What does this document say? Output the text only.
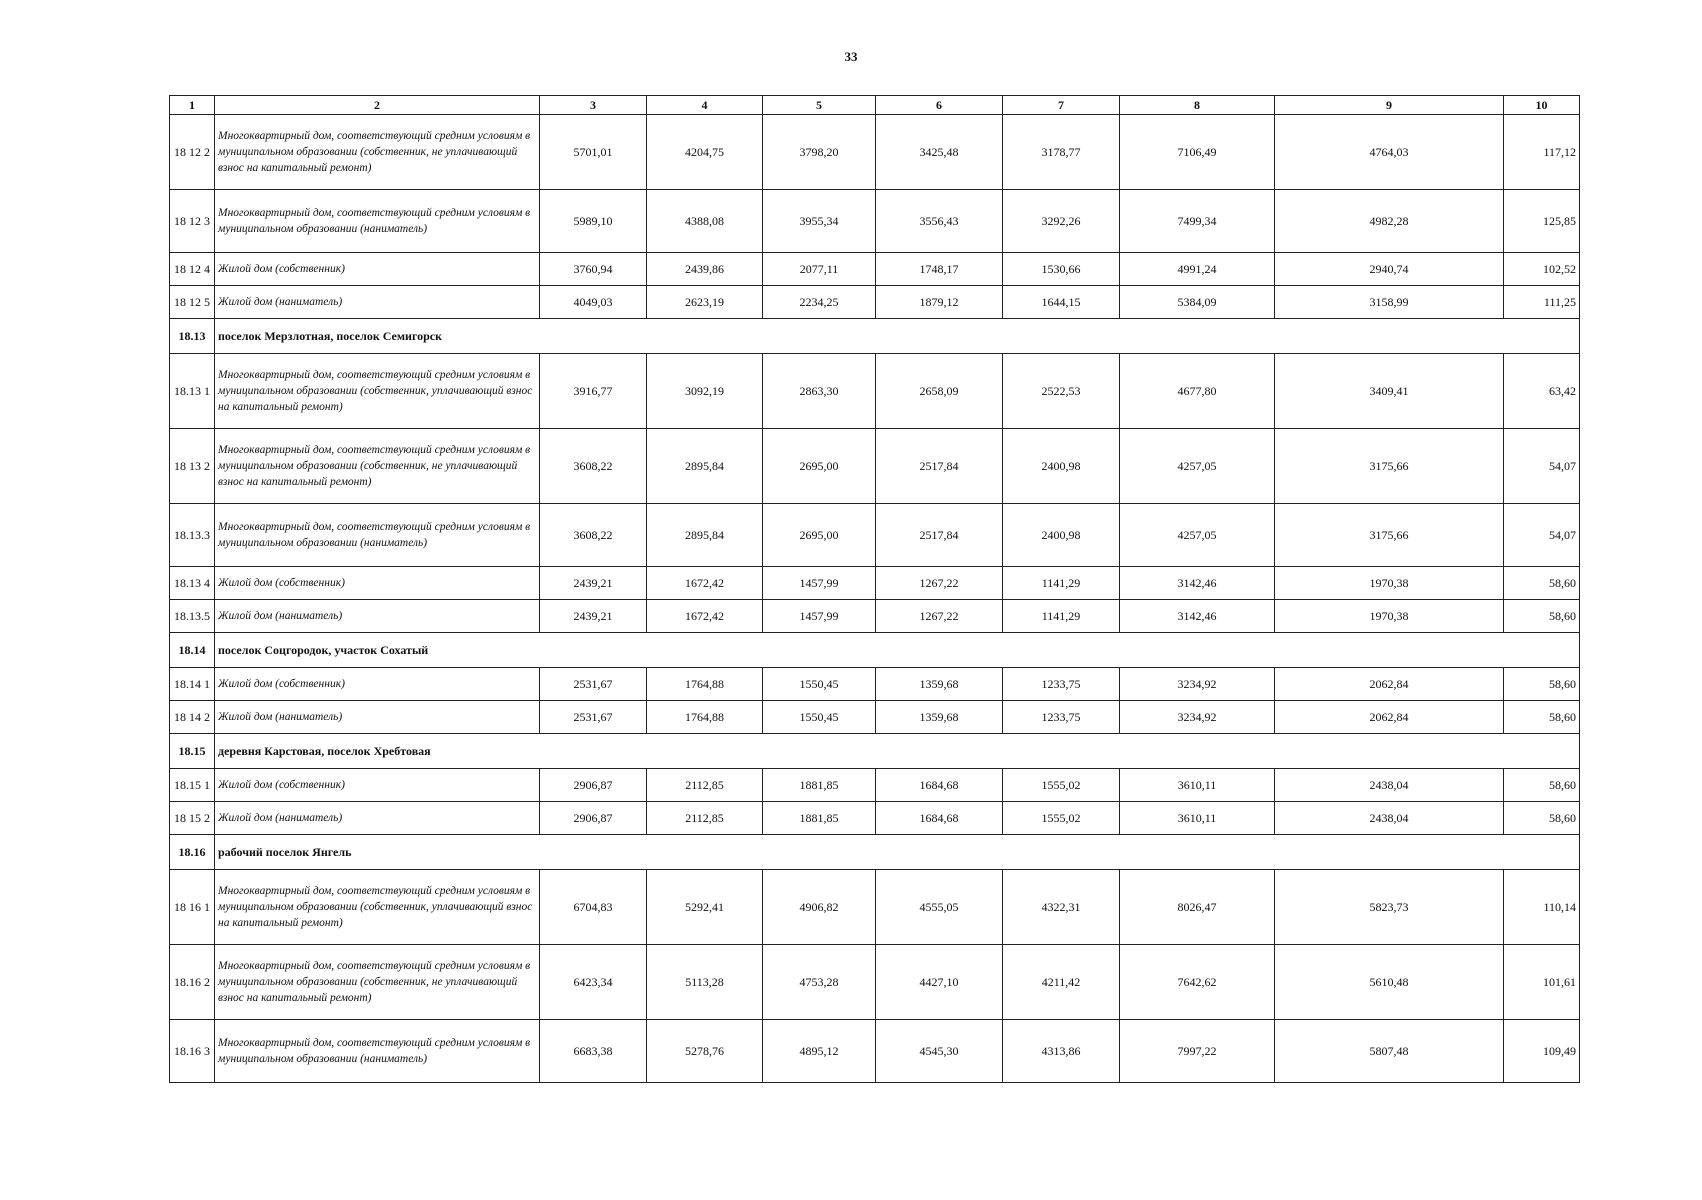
33
1	2	3	4	5	6	7	8	9	10
18 12 2	Многоквартирный дом, соответствующий средним условиям в муниципальном образовании (собственник, не уплачивающий взнос на капитальный ремонт)	5701,01	4204,75	3798,20	3425,48	3178,77	7106,49	4764,03	117,12
18 12 3	Многоквартирный дом, соответствующий средним условиям в муниципальном образовании (наниматель)	5989,10	4388,08	3955,34	3556,43	3292,26	7499,34	4982,28	125,85
18 12 4	Жилой дом (собственник)	3760,94	2439,86	2077,11	1748,17	1530,66	4991,24	2940,74	102,52
18 12 5	Жилой дом (наниматель)	4049,03	2623,19	2234,25	1879,12	1644,15	5384,09	3158,99	111,25
18.13	поселок Мерзлотная, поселок Семигорск								
18.13 1	Многоквартирный дом, соответствующий средним условиям в муниципальном образовании (собственник, уплачивающий взнос на капитальный ремонт)	3916,77	3092,19	2863,30	2658,09	2522,53	4677,80	3409,41	63,42
18 13 2	Многоквартирный дом, соответствующий средним условиям в муниципальном образовании (собственник, не уплачивающий взнос на капитальный ремонт)	3608,22	2895,84	2695,00	2517,84	2400,98	4257,05	3175,66	54,07
18.13.3	Многоквартирный дом, соответствующий средним условиям в муниципальном образовании (наниматель)	3608,22	2895,84	2695,00	2517,84	2400,98	4257,05	3175,66	54,07
18.13 4	Жилой дом (собственник)	2439,21	1672,42	1457,99	1267,22	1141,29	3142,46	1970,38	58,60
18.13.5	Жилой дом (наниматель)	2439,21	1672,42	1457,99	1267,22	1141,29	3142,46	1970,38	58,60
18.14	поселок Соцгородок, участок Сохатый								
18.14 1	Жилой дом (собственник)	2531,67	1764,88	1550,45	1359,68	1233,75	3234,92	2062,84	58,60
18 14 2	Жилой дом (наниматель)	2531,67	1764,88	1550,45	1359,68	1233,75	3234,92	2062,84	58,60
18.15	деревня Карстовая, поселок Хребтовая								
18.15 1	Жилой дом (собственник)	2906,87	2112,85	1881,85	1684,68	1555,02	3610,11	2438,04	58,60
18 15 2	Жилой дом (наниматель)	2906,87	2112,85	1881,85	1684,68	1555,02	3610,11	2438,04	58,60
18.16	рабочий поселок Янгель								
18 16 1	Многоквартирный дом, соответствующий средним условиям в муниципальном образовании (собственник, уплачивающий взнос на капитальный ремонт)	6704,83	5292,41	4906,82	4555,05	4322,31	8026,47	5823,73	110,14
18.16 2	Многоквартирный дом, соответствующий средним условиям в муниципальном образовании (собственник, не уплачивающий взнос на капитальный ремонт)	6423,34	5113,28	4753,28	4427,10	4211,42	7642,62	5610,48	101,61
18.16 3	Многоквартирный дом, соответствующий средним условиям в муниципальном образовании (наниматель)	6683,38	5278,76	4895,12	4545,30	4313,86	7997,22	5807,48	109,49
